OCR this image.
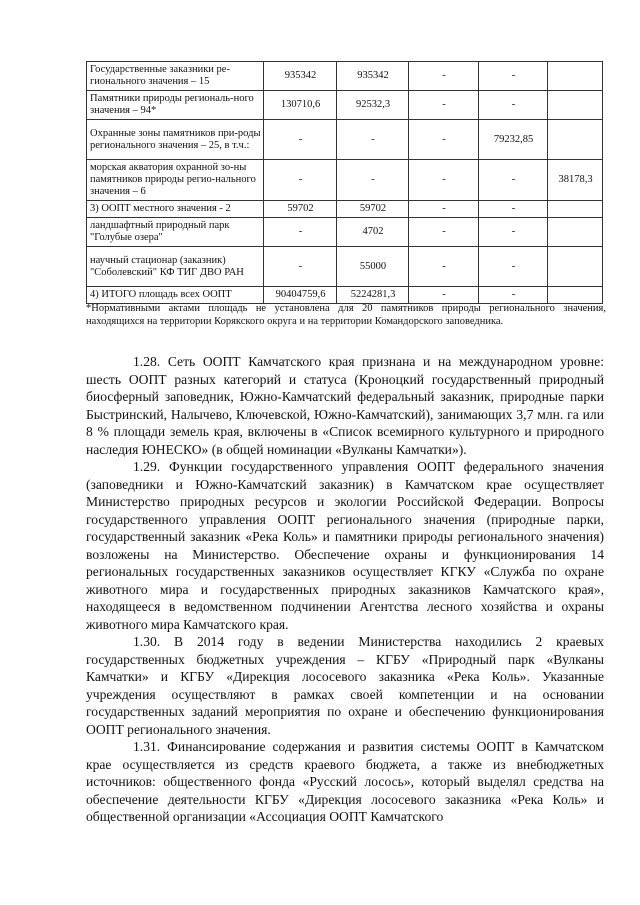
Государственные заказники ре-гионального значения – 15	935342	935342	-	-	
Памятники природы региональ-ного значения – 94*	130710,6	92532,3	-	-	
Охранные зоны памятников при-роды регионального значения – 25, в т.ч.:	-	-	-	79232,85	
морская акватория охранной зо-ны памятников природы регио-нального значения – 6	-	-	-	-	38178,3
3) ООПТ местного значения - 2	59702	59702	-	-	
ландшафтный природный парк "Голубые озера"	-	4702	-	-	
научный стационар (заказник) "Соболевский" КФ ТИГ ДВО РАН	-	55000	-	-	
4) ИТОГО площадь всех ООПТ	90404759,6	5224281,3	-	-	
*Нормативными актами площадь не установлена для 20 памятников природы регионального значения, находящихся на территории Корякского округа и на территории Командорского заповедника.

1.28. Сеть ООПТ Камчатского края признана и на международном уровне: шесть ООПТ разных категорий и статуса (Кроноцкий государственный природный биосферный заповедник, Южно-Камчатский федеральный заказник, природные парки Быстринский, Налычево, Ключевской, Южно-Камчатский), занимающих 3,7 млн. га или 8 % площади земель края, включены в «Список всемирного культурного и природного наследия ЮНЕСКО» (в общей номинации «Вулканы Камчатки»).

1.29. Функции государственного управления ООПТ федерального значения (заповедники и Южно-Камчатский заказник) в Камчатском крае осуществляет Министерство природных ресурсов и экологии Российской Федерации. Вопросы государственного управления ООПТ регионального значения (природные парки, государственный заказник «Река Коль» и памятники природы регионального значения) возложены на Министерство. Обеспечение охраны и функционирования 14 региональных государственных заказников осуществляет КГКУ «Служба по охране животного мира и государственных природных заказников Камчатского края», находящееся в ведомственном подчинении Агентства лесного хозяйства и охраны животного мира Камчатского края.

1.30. В 2014 году в ведении Министерства находились 2 краевых государственных бюджетных учреждения – КГБУ «Природный парк «Вулканы Камчатки» и КГБУ «Дирекция лососевого заказника «Река Коль». Указанные учреждения осуществляют в рамках своей компетенции и на основании государственных заданий мероприятия по охране и обеспечению функционирования ООПТ регионального значения.

1.31. Финансирование содержания и развития системы ООПТ в Камчатском крае осуществляется из средств краевого бюджета, а также из внебюджетных источников: общественного фонда «Русский лосось», который выделял средства на обеспечение деятельности КГБУ «Дирекция лососевого заказника «Река Коль» и общественной организации «Ассоциация ООПТ Камчатского
